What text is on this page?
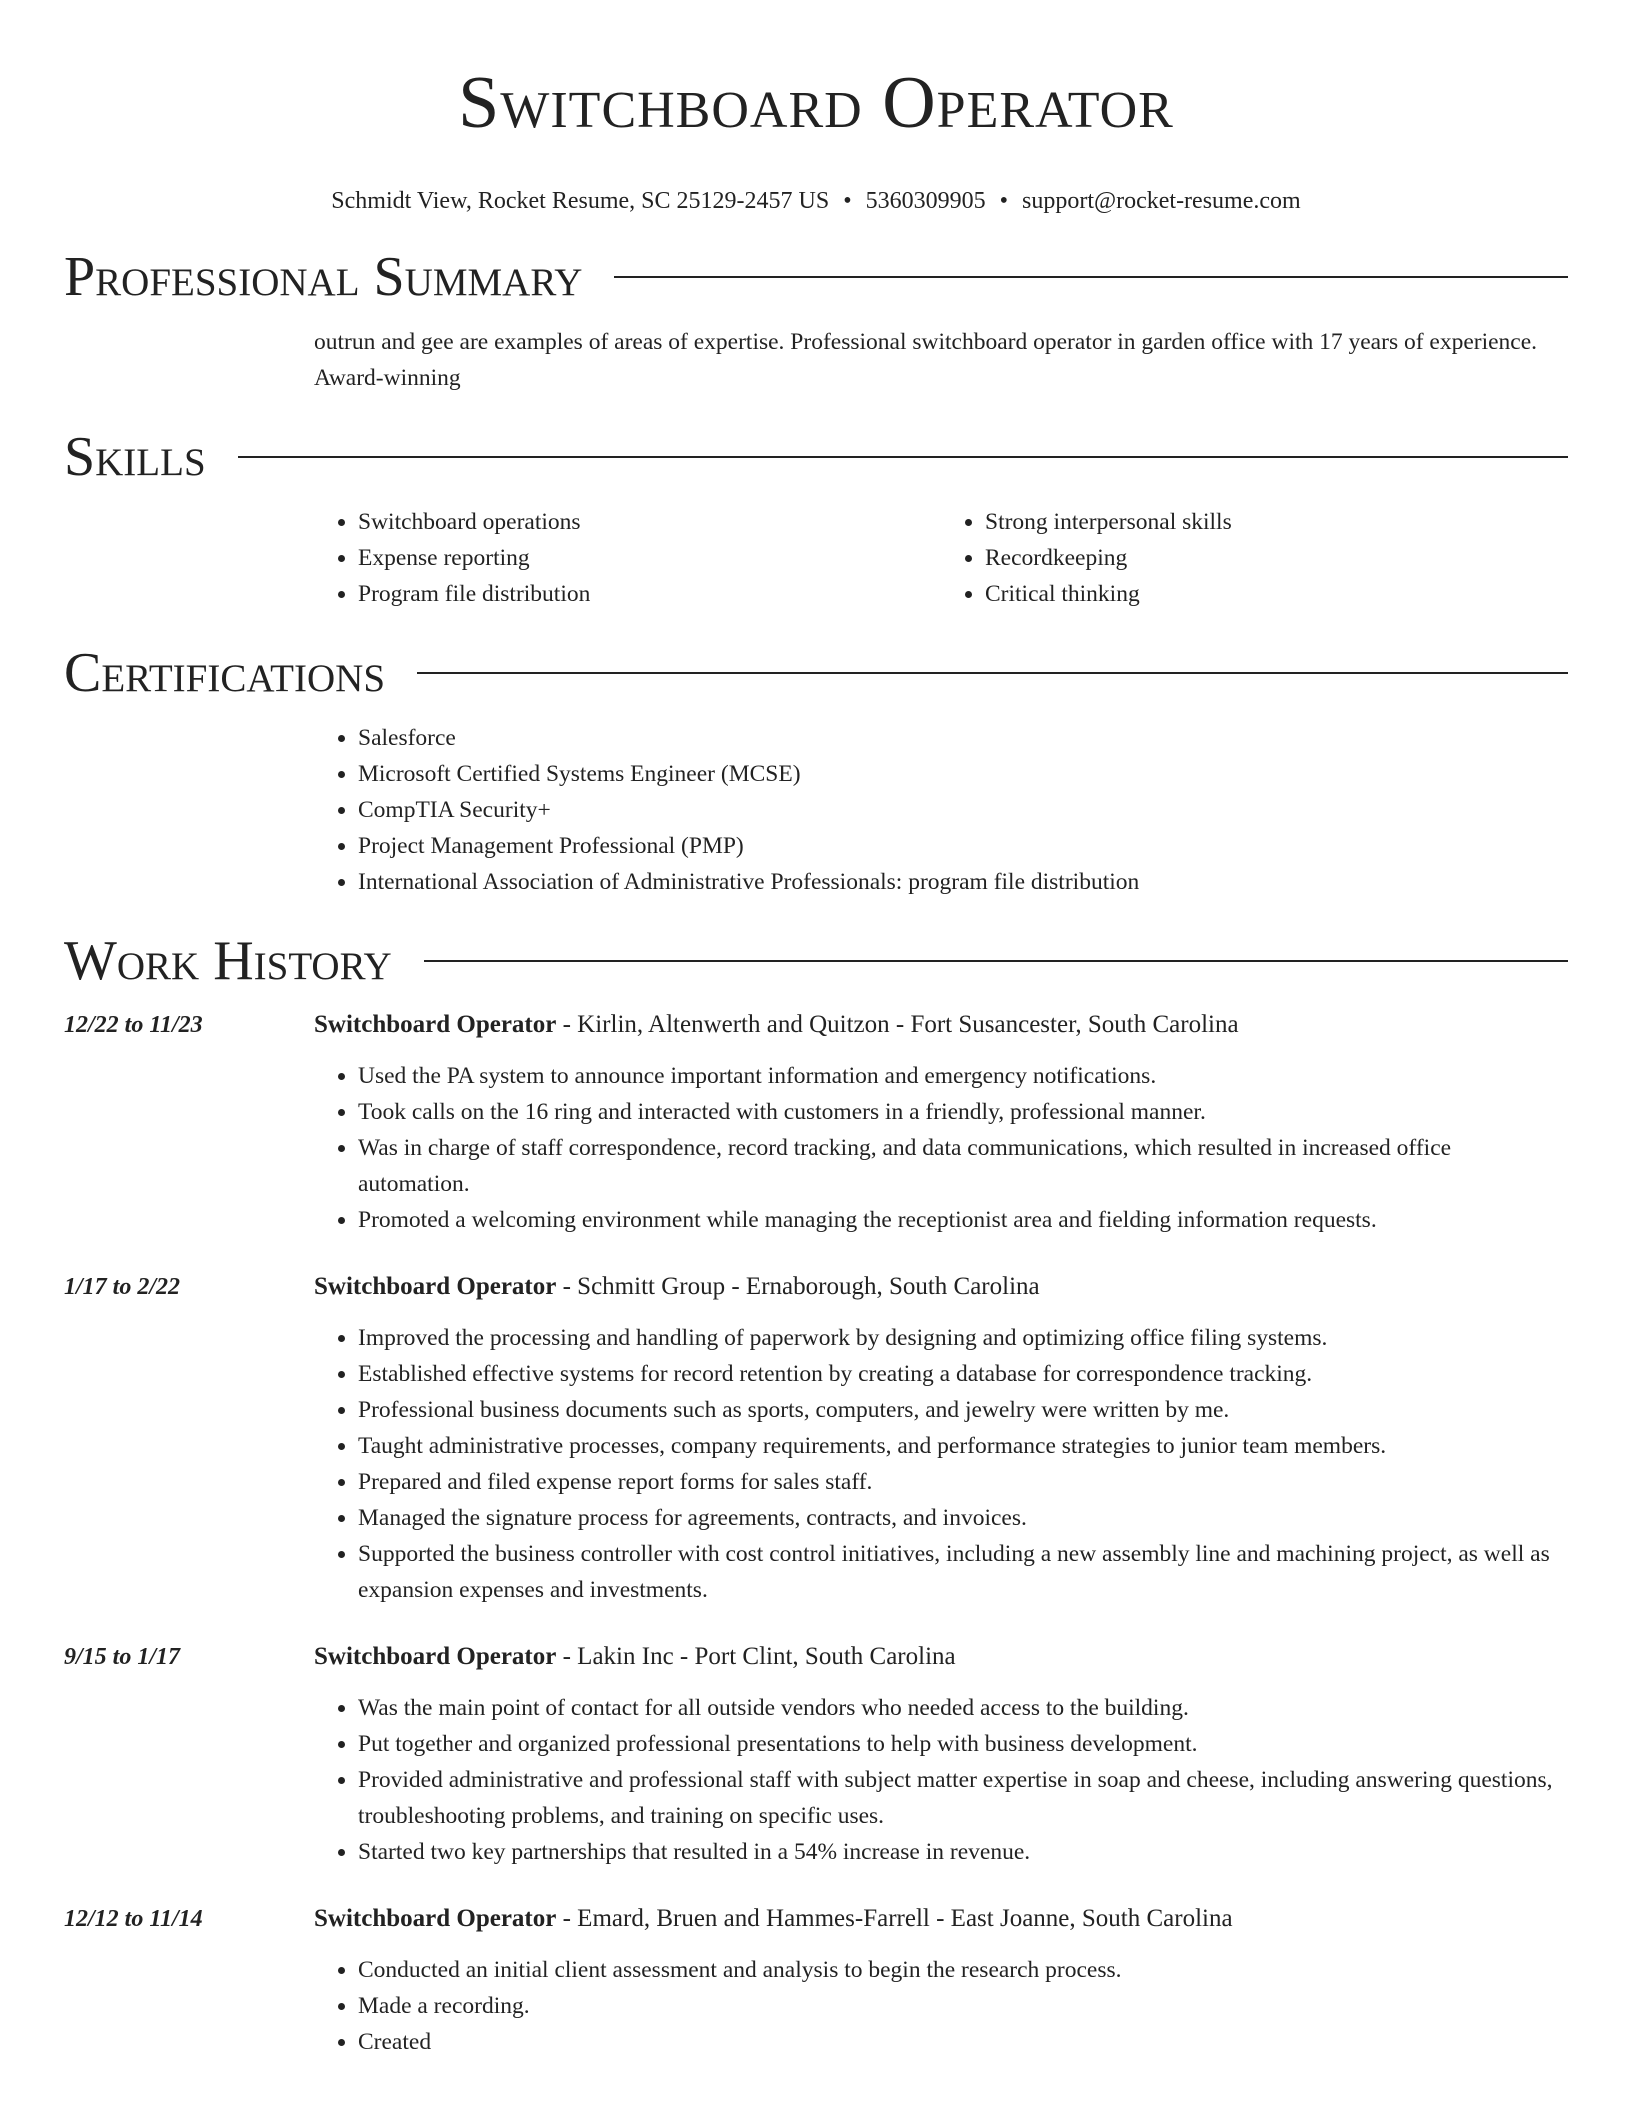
Switchboard Operator
Schmidt View, Rocket Resume, SC 25129-2457 US • 5360309905 • support@rocket-resume.com
Professional Summary
outrun and gee are examples of areas of expertise. Professional switchboard operator in garden office with 17 years of experience. Award-winning
Skills
• Switchboard operations
• Expense reporting
• Program file distribution
• Strong interpersonal skills
• Recordkeeping
• Critical thinking
Certifications
• Salesforce
• Microsoft Certified Systems Engineer (MCSE)
• CompTIA Security+
• Project Management Professional (PMP)
• International Association of Administrative Professionals: program file distribution
Work History
12/22 to 11/23	Switchboard Operator - Kirlin, Altenwerth and Quitzon - Fort Susancester, South Carolina
• Used the PA system to announce important information and emergency notifications.
• Took calls on the 16 ring and interacted with customers in a friendly, professional manner.
• Was in charge of staff correspondence, record tracking, and data communications, which resulted in increased office automation.
• Promoted a welcoming environment while managing the receptionist area and fielding information requests.
1/17 to 2/22	Switchboard Operator - Schmitt Group - Ernaborough, South Carolina
• Improved the processing and handling of paperwork by designing and optimizing office filing systems.
• Established effective systems for record retention by creating a database for correspondence tracking.
• Professional business documents such as sports, computers, and jewelry were written by me.
• Taught administrative processes, company requirements, and performance strategies to junior team members.
• Prepared and filed expense report forms for sales staff.
• Managed the signature process for agreements, contracts, and invoices.
• Supported the business controller with cost control initiatives, including a new assembly line and machining project, as well as expansion expenses and investments.
9/15 to 1/17	Switchboard Operator - Lakin Inc - Port Clint, South Carolina
• Was the main point of contact for all outside vendors who needed access to the building.
• Put together and organized professional presentations to help with business development.
• Provided administrative and professional staff with subject matter expertise in soap and cheese, including answering questions, troubleshooting problems, and training on specific uses.
• Started two key partnerships that resulted in a 54% increase in revenue.
12/12 to 11/14	Switchboard Operator - Emard, Bruen and Hammes-Farrell - East Joanne, South Carolina
• Conducted an initial client assessment and analysis to begin the research process.
• Made a recording.
• Created
